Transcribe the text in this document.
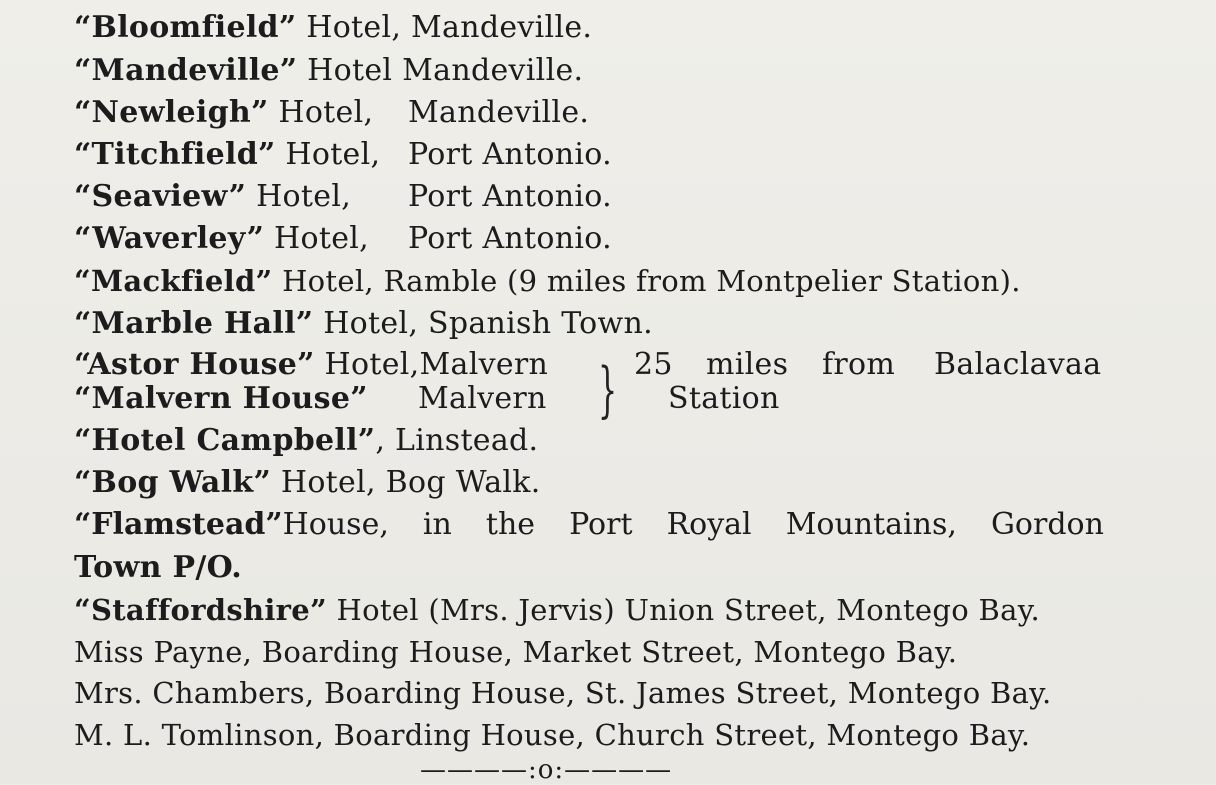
“Bloomfield” Hotel, Mandeville.
“Mandeville” Hotel Mandeville.
“Newleigh” Hotel, Mandeville.
“Titchfield” Hotel, Port Antonio.
“Seaview” Hotel, Port Antonio.
“Waverley” Hotel, Port Antonio.
“Mackfield” Hotel, Ramble (9 miles from Montpelier Station).
“Marble Hall” Hotel, Spanish Town.
“Astor House” Hotel,Malvern	25 miles from Balaclavaa
“Malvern House” Malvern	Station
}
“Hotel Campbell”, Linstead.
“Bog Walk” Hotel, Bog Walk.
“Flamstead”House, in the Port Royal Mountains, Gordon
Town P/O.
“Staffordshire” Hotel (Mrs. Jervis) Union Street, Montego Bay.
Miss Payne, Boarding House, Market Street, Montego Bay.
Mrs. Chambers, Boarding House, St. James Street, Montego Bay.
M. L. Tomlinson, Boarding House, Church Street, Montego Bay.
————:o:————
